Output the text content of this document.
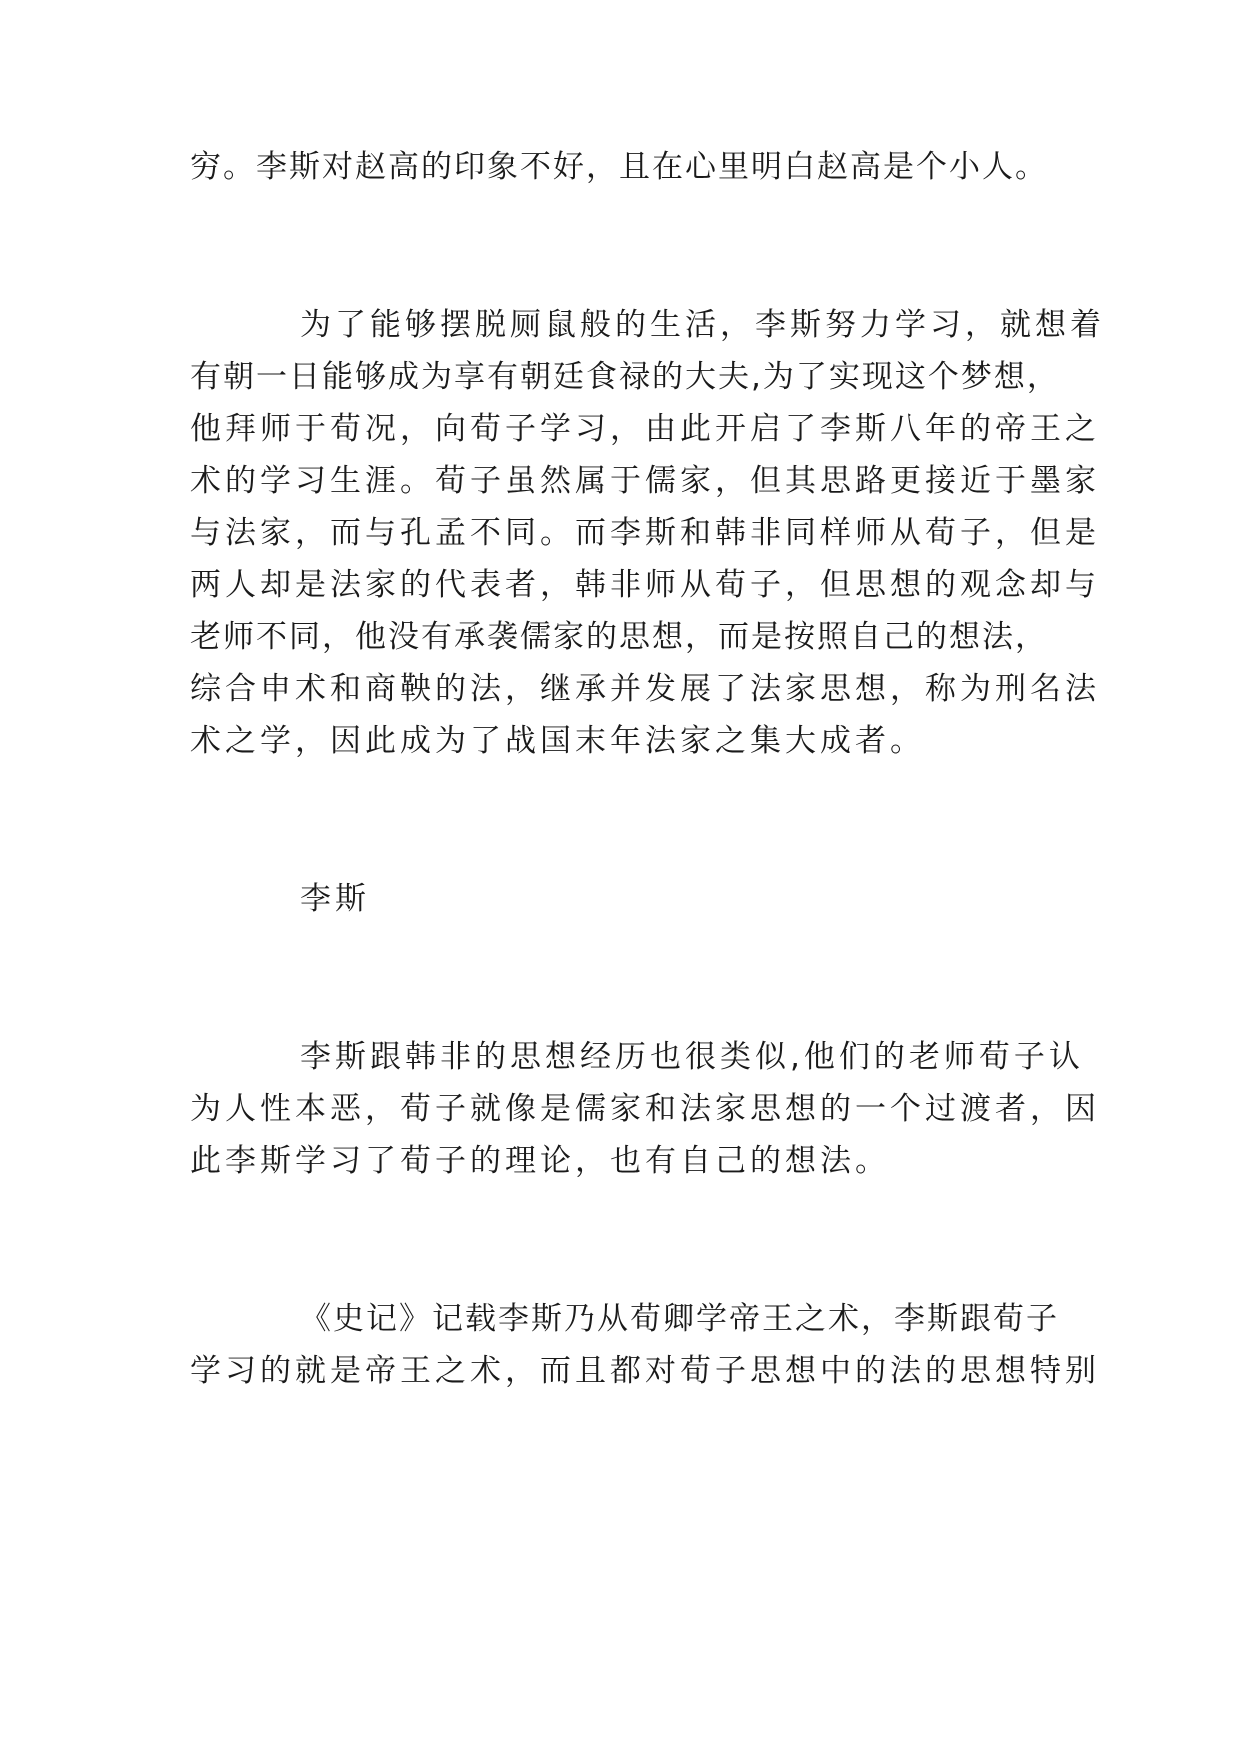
穷。李斯对赵高的印象不好，且在心里明白赵高是个小人。

为了能够摆脱厕鼠般的生活，李斯努力学习，就想着

有朝一日能够成为享有朝廷食禄的大夫,为了实现这个梦想，

他拜师于荀况，向荀子学习，由此开启了李斯八年的帝王之

术的学习生涯。荀子虽然属于儒家，但其思路更接近于墨家

与法家，而与孔孟不同。而李斯和韩非同样师从荀子，但是

两人却是法家的代表者，韩非师从荀子，但思想的观念却与

老师不同，他没有承袭儒家的思想，而是按照自己的想法，

综合申术和商鞅的法，继承并发展了法家思想，称为刑名法

术之学，因此成为了战国末年法家之集大成者。

李斯

李斯跟韩非的思想经历也很类似,他们的老师荀子认

为人性本恶，荀子就像是儒家和法家思想的一个过渡者，因

此李斯学习了荀子的理论，也有自己的想法。

《史记》记载李斯乃从荀卿学帝王之术，李斯跟荀子

学习的就是帝王之术，而且都对荀子思想中的法的思想特别
